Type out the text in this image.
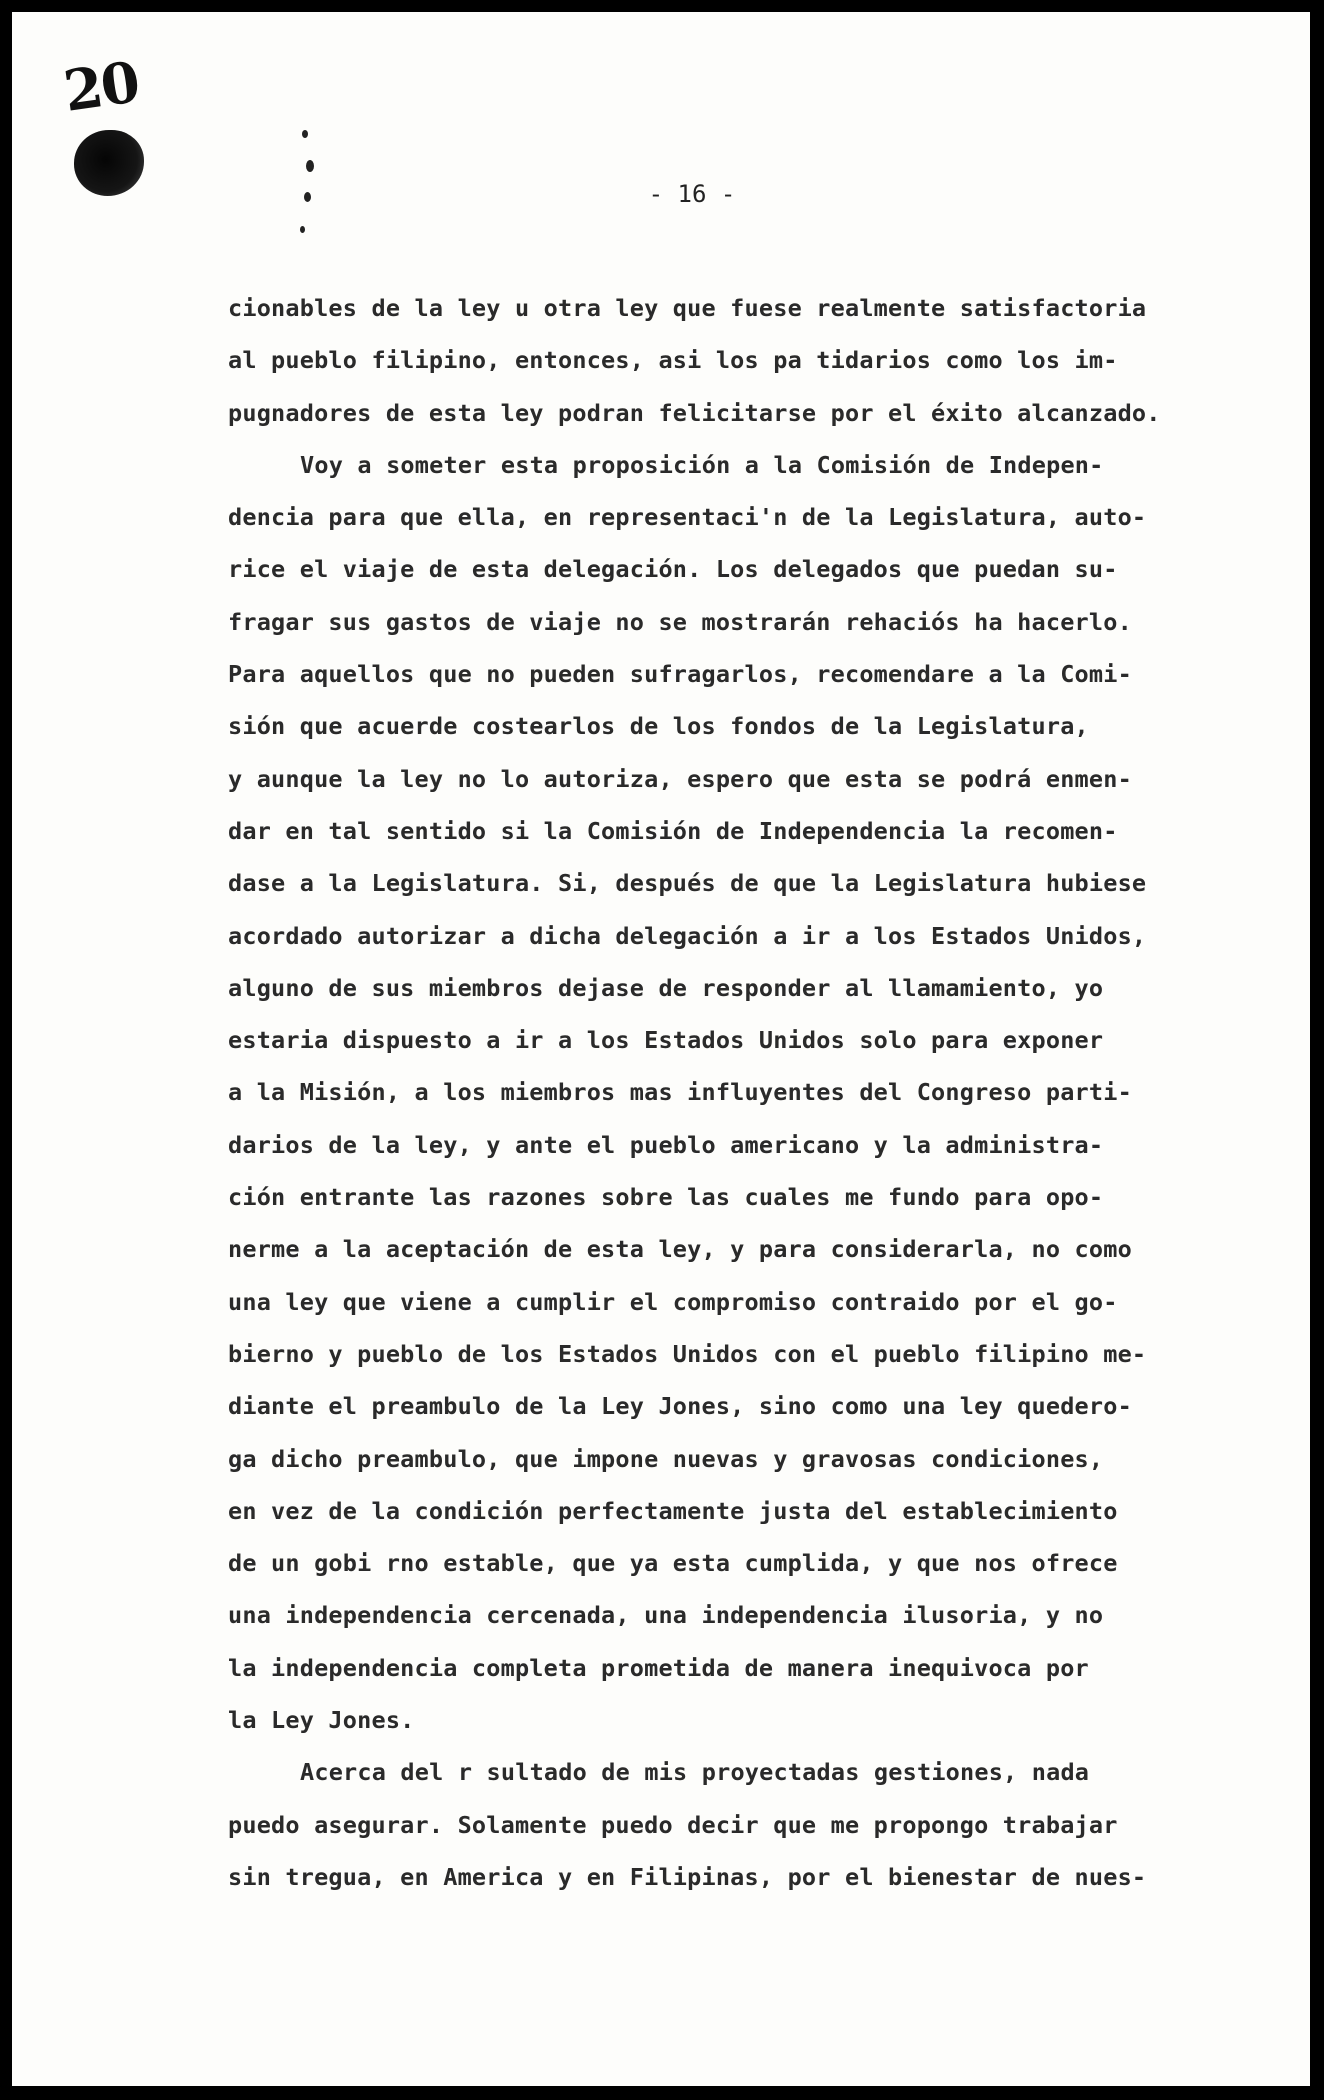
20
- 16 -
cionables de la ley u otra ley que fuese realmente satisfactoria
al pueblo filipino, entonces, asi los pa tidarios como los im-
pugnadores de esta ley podran felicitarse por el éxito alcanzado.
Voy a someter esta proposición a la Comisión de Indepen-
dencia para que ella, en representaci'n de la Legislatura, auto-
rice el viaje de esta delegación. Los delegados que puedan su-
fragar sus gastos de viaje no se mostrarán rehaciós ha hacerlo.
Para aquellos que no pueden sufragarlos, recomendare a la Comi-
sión que acuerde costearlos de los fondos de la Legislatura,
y aunque la ley no lo autoriza, espero que esta se podrá enmen-
dar en tal sentido si la Comisión de Independencia la recomen-
dase a la Legislatura. Si, después de que la Legislatura hubiese
acordado autorizar a dicha delegación a ir a los Estados Unidos,
alguno de sus miembros dejase de responder al llamamiento, yo
estaria dispuesto a ir a los Estados Unidos solo para exponer
a la Misión, a los miembros mas influyentes del Congreso parti-
darios de la ley, y ante el pueblo americano y la administra-
ción entrante las razones sobre las cuales me fundo para opo-
nerme a la aceptación de esta ley, y para considerarla, no como
una ley que viene a cumplir el compromiso contraido por el go-
bierno y pueblo de los Estados Unidos con el pueblo filipino me-
diante el preambulo de la Ley Jones, sino como una ley quedero-
ga dicho preambulo, que impone nuevas y gravosas condiciones,
en vez de la condición perfectamente justa del establecimiento
de un gobi rno estable, que ya esta cumplida, y que nos ofrece
una independencia cercenada, una independencia ilusoria, y no
la independencia completa prometida de manera inequivoca por
la Ley Jones.
Acerca del r sultado de mis proyectadas gestiones, nada
puedo asegurar. Solamente puedo decir que me propongo trabajar
sin tregua, en America y en Filipinas, por el bienestar de nues-
